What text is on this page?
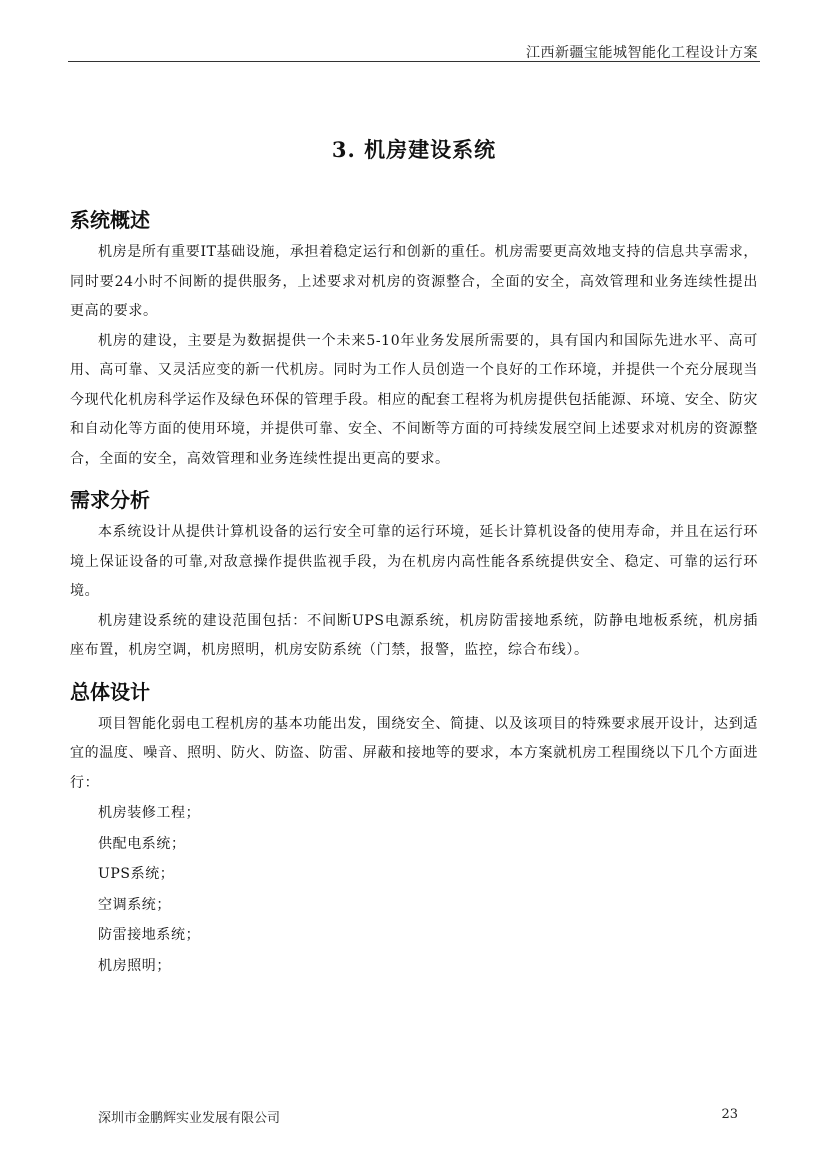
江西新疆宝能城智能化工程设计方案
3. 机房建设系统
系统概述

机房是所有重要IT基础设施，承担着稳定运行和创新的重任。机房需要更高效地支持的信息共享需求，同时要24小时不间断的提供服务，上述要求对机房的资源整合，全面的安全，高效管理和业务连续性提出更高的要求。

机房的建设，主要是为数据提供一个未来5-10年业务发展所需要的，具有国内和国际先进水平、高可用、高可靠、又灵活应变的新一代机房。同时为工作人员创造一个良好的工作环境，并提供一个充分展现当今现代化机房科学运作及绿色环保的管理手段。相应的配套工程将为机房提供包括能源、环境、安全、防灾和自动化等方面的使用环境，并提供可靠、安全、不间断等方面的可持续发展空间上述要求对机房的资源整合，全面的安全，高效管理和业务连续性提出更高的要求。

需求分析

本系统设计从提供计算机设备的运行安全可靠的运行环境，延长计算机设备的使用寿命，并且在运行环境上保证设备的可靠,对敌意操作提供监视手段，为在机房内高性能各系统提供安全、稳定、可靠的运行环境。

机房建设系统的建设范围包括：不间断UPS电源系统，机房防雷接地系统，防静电地板系统，机房插座布置，机房空调，机房照明，机房安防系统（门禁，报警，监控，综合布线）。

总体设计

项目智能化弱电工程机房的基本功能出发，围绕安全、简捷、以及该项目的特殊要求展开设计，达到适宜的温度、噪音、照明、防火、防盗、防雷、屏蔽和接地等的要求，本方案就机房工程围绕以下几个方面进行：

机房装修工程；

供配电系统；

UPS系统；

空调系统；

防雷接地系统；

机房照明；

深圳市金鹏辉实业发展有限公司	23
